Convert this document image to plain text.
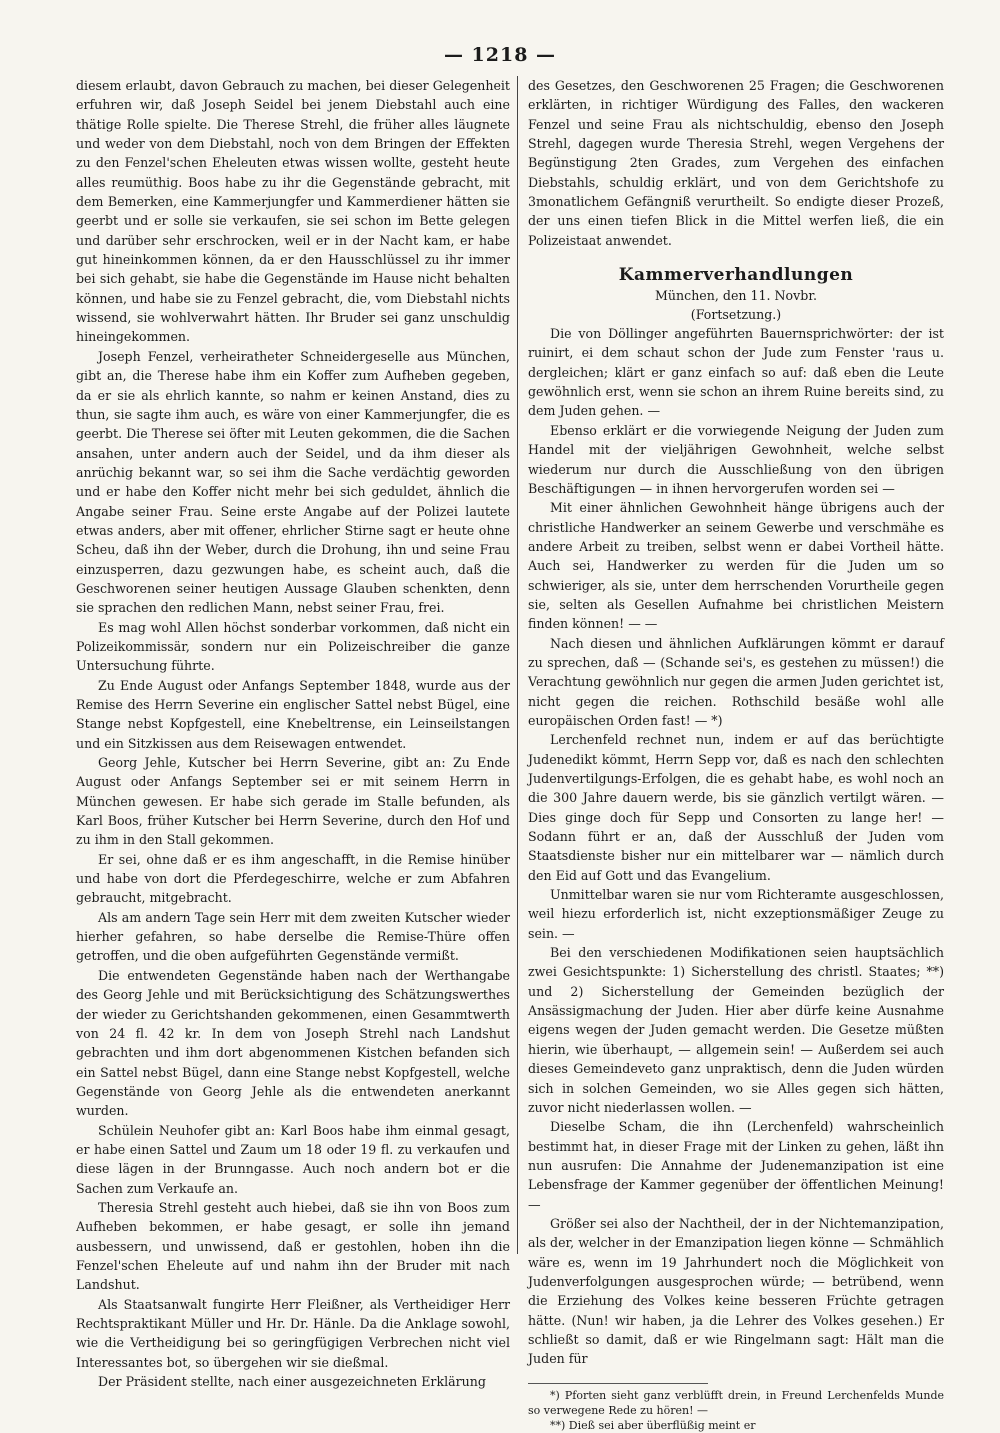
— 1218 —

diesem erlaubt, davon Gebrauch zu machen, bei dieser Gelegenheit erfuhren wir, daß Joseph Seidel bei jenem Diebstahl auch eine thätige Rolle spielte. Die Therese Strehl, die früher alles läugnete und weder von dem Diebstahl, noch von dem Bringen der Effekten zu den Fenzel'schen Eheleuten etwas wissen wollte, gesteht heute alles reumüthig. Boos habe zu ihr die Gegenstände gebracht, mit dem Bemerken, eine Kammerjungfer und Kammerdiener hätten sie geerbt und er solle sie verkaufen, sie sei schon im Bette gelegen und darüber sehr erschrocken, weil er in der Nacht kam, er habe gut hineinkommen können, da er den Hausschlüssel zu ihr immer bei sich gehabt, sie habe die Gegenstände im Hause nicht behalten können, und habe sie zu Fenzel gebracht, die, vom Diebstahl nichts wissend, sie wohlverwahrt hätten. Ihr Bruder sei ganz unschuldig hineingekommen.

Joseph Fenzel, verheiratheter Schneidergeselle aus München, gibt an, die Therese habe ihm ein Koffer zum Aufheben gegeben, da er sie als ehrlich kannte, so nahm er keinen Anstand, dies zu thun, sie sagte ihm auch, es wäre von einer Kammerjungfer, die es geerbt. Die Therese sei öfter mit Leuten gekommen, die die Sachen ansahen, unter andern auch der Seidel, und da ihm dieser als anrüchig bekannt war, so sei ihm die Sache verdächtig geworden und er habe den Koffer nicht mehr bei sich geduldet, ähnlich die Angabe seiner Frau. Seine erste Angabe auf der Polizei lautete etwas anders, aber mit offener, ehrlicher Stirne sagt er heute ohne Scheu, daß ihn der Weber, durch die Drohung, ihn und seine Frau einzusperren, dazu gezwungen habe, es scheint auch, daß die Geschworenen seiner heutigen Aussage Glauben schenkten, denn sie sprachen den redlichen Mann, nebst seiner Frau, frei.

Es mag wohl Allen höchst sonderbar vorkommen, daß nicht ein Polizeikommissär, sondern nur ein Polizeischreiber die ganze Untersuchung führte.

Zu Ende August oder Anfangs September 1848, wurde aus der Remise des Herrn Severine ein englischer Sattel nebst Bügel, eine Stange nebst Kopfgestell, eine Knebeltrense, ein Leinseilstangen und ein Sitzkissen aus dem Reisewagen entwendet.

Georg Jehle, Kutscher bei Herrn Severine, gibt an: Zu Ende August oder Anfangs September sei er mit seinem Herrn in München gewesen. Er habe sich gerade im Stalle befunden, als Karl Boos, früher Kutscher bei Herrn Severine, durch den Hof und zu ihm in den Stall gekommen.

Er sei, ohne daß er es ihm angeschafft, in die Remise hinüber und habe von dort die Pferdegeschirre, welche er zum Abfahren gebraucht, mitgebracht.

Als am andern Tage sein Herr mit dem zweiten Kutscher wieder hierher gefahren, so habe derselbe die Remise-Thüre offen getroffen, und die oben aufgeführten Gegenstände vermißt.

Die entwendeten Gegenstände haben nach der Werthangabe des Georg Jehle und mit Berücksichtigung des Schätzungswerthes der wieder zu Gerichtshanden gekommenen, einen Gesammtwerth von 24 fl. 42 kr. In dem von Joseph Strehl nach Landshut gebrachten und ihm dort abgenommenen Kistchen befanden sich ein Sattel nebst Bügel, dann eine Stange nebst Kopfgestell, welche Gegenstände von Georg Jehle als die entwendeten anerkannt wurden.

Schülein Neuhofer gibt an: Karl Boos habe ihm einmal gesagt, er habe einen Sattel und Zaum um 18 oder 19 fl. zu verkaufen und diese lägen in der Brunngasse. Auch noch andern bot er die Sachen zum Verkaufe an.

Theresia Strehl gesteht auch hiebei, daß sie ihn von Boos zum Aufheben bekommen, er habe gesagt, er solle ihn jemand ausbessern, und unwissend, daß er gestohlen, hoben ihn die Fenzel'schen Eheleute auf und nahm ihn der Bruder mit nach Landshut.

Als Staatsanwalt fungirte Herr Fleißner, als Vertheidiger Herr Rechtspraktikant Müller und Hr. Dr. Hänle. Da die Anklage sowohl, wie die Vertheidigung bei so geringfügigen Verbrechen nicht viel Interessantes bot, so übergehen wir sie dießmal.

Der Präsident stellte, nach einer ausgezeichneten Erklärung

des Gesetzes, den Geschworenen 25 Fragen; die Geschworenen erklärten, in richtiger Würdigung des Falles, den wackeren Fenzel und seine Frau als nichtschuldig, ebenso den Joseph Strehl, dagegen wurde Theresia Strehl, wegen Vergehens der Begünstigung 2ten Grades, zum Vergehen des einfachen Diebstahls, schuldig erklärt, und von dem Gerichtshofe zu 3monatlichem Gefängniß verurtheilt. So endigte dieser Prozeß, der uns einen tiefen Blick in die Mittel werfen ließ, die ein Polizeistaat anwendet.

Kammerverhandlungen
München, den 11. Novbr.
(Fortsetzung.)

Die von Döllinger angeführten Bauernsprichwörter: der ist ruinirt, ei dem schaut schon der Jude zum Fenster 'raus u. dergleichen; klärt er ganz einfach so auf: daß eben die Leute gewöhnlich erst, wenn sie schon an ihrem Ruine bereits sind, zu dem Juden gehen. —

Ebenso erklärt er die vorwiegende Neigung der Juden zum Handel mit der vieljährigen Gewohnheit, welche selbst wiederum nur durch die Ausschließung von den übrigen Beschäftigungen — in ihnen hervorgerufen worden sei —

Mit einer ähnlichen Gewohnheit hänge übrigens auch der christliche Handwerker an seinem Gewerbe und verschmähe es andere Arbeit zu treiben, selbst wenn er dabei Vortheil hätte. Auch sei, Handwerker zu werden für die Juden um so schwieriger, als sie, unter dem herrschenden Vorurtheile gegen sie, selten als Gesellen Aufnahme bei christlichen Meistern finden können! — —

Nach diesen und ähnlichen Aufklärungen kömmt er darauf zu sprechen, daß — (Schande sei's, es gestehen zu müssen!) die Verachtung gewöhnlich nur gegen die armen Juden gerichtet ist, nicht gegen die reichen. Rothschild besäße wohl alle europäischen Orden fast! — *)

Lerchenfeld rechnet nun, indem er auf das berüchtigte Judenedikt kömmt, Herrn Sepp vor, daß es nach den schlechten Judenvertilgungs-Erfolgen, die es gehabt habe, es wohl noch an die 300 Jahre dauern werde, bis sie gänzlich vertilgt wären. — Dies ginge doch für Sepp und Consorten zu lange her! — Sodann führt er an, daß der Ausschluß der Juden vom Staatsdienste bisher nur ein mittelbarer war — nämlich durch den Eid auf Gott und das Evangelium.

Unmittelbar waren sie nur vom Richteramte ausgeschlossen, weil hiezu erforderlich ist, nicht exzeptionsmäßiger Zeuge zu sein. —

Bei den verschiedenen Modifikationen seien hauptsächlich zwei Gesichtspunkte: 1) Sicherstellung des christl. Staates; **) und 2) Sicherstellung der Gemeinden bezüglich der Ansässigmachung der Juden. Hier aber dürfe keine Ausnahme eigens wegen der Juden gemacht werden. Die Gesetze müßten hierin, wie überhaupt, — allgemein sein! — Außerdem sei auch dieses Gemeindeveto ganz unpraktisch, denn die Juden würden sich in solchen Gemeinden, wo sie Alles gegen sich hätten, zuvor nicht niederlassen wollen. —

Dieselbe Scham, die ihn (Lerchenfeld) wahrscheinlich bestimmt hat, in dieser Frage mit der Linken zu gehen, läßt ihn nun ausrufen: Die Annahme der Judenemanzipation ist eine Lebensfrage der Kammer gegenüber der öffentlichen Meinung! —

Größer sei also der Nachtheil, der in der Nichtemanzipation, als der, welcher in der Emanzipation liegen könne — Schmählich wäre es, wenn im 19 Jahrhundert noch die Möglichkeit von Judenverfolgungen ausgesprochen würde; — betrübend, wenn die Erziehung des Volkes keine besseren Früchte getragen hätte. (Nun! wir haben, ja die Lehrer des Volkes gesehen.) Er schließt so damit, daß er wie Ringelmann sagt: Hält man die Juden für

*) Pforten sieht ganz verblüfft drein, in Freund Lerchenfelds Munde so verwegene Rede zu hören! —
**) Dieß sei aber überflüßig meint er
